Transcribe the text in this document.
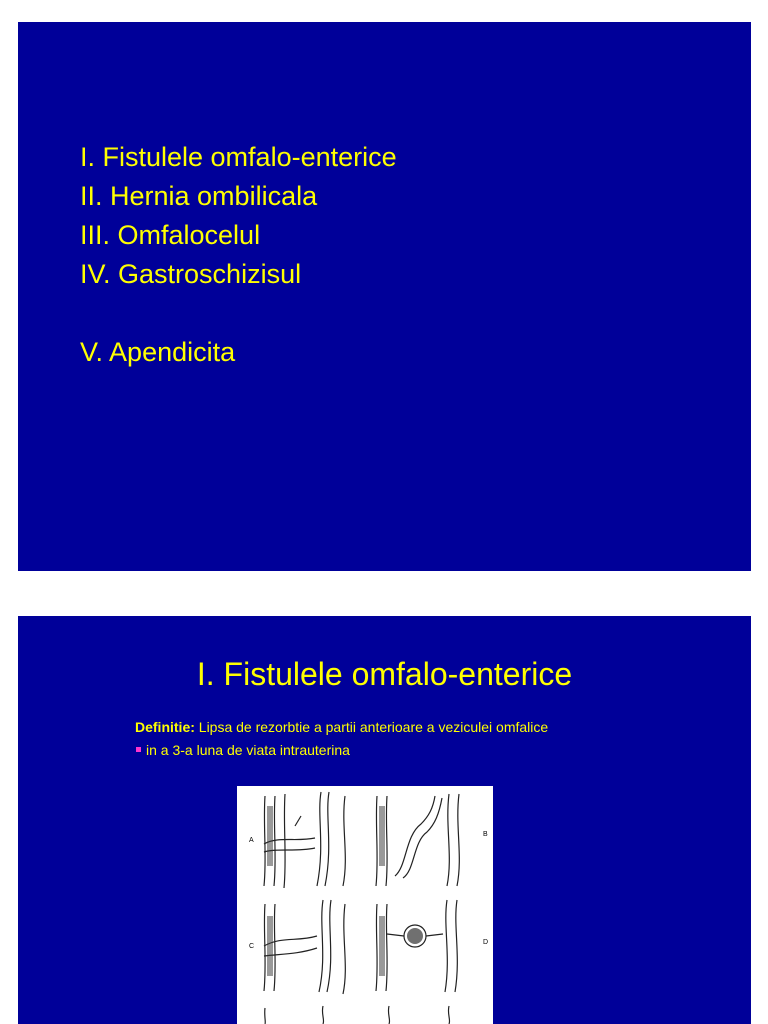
I. Fistulele omfalo-enterice
II. Hernia ombilicala
III. Omfalocelul
IV. Gastroschizisul
V. Apendicita
I. Fistulele omfalo-enterice
Definitie: Lipsa de rezorbtie a partii anterioare a veziculei omfalice
in a 3-a luna de viata intrauterina
A
B
C
D
